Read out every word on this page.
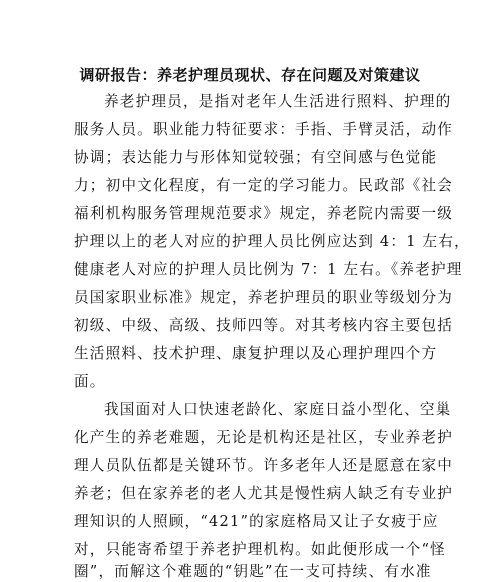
调研报告：养老护理员现状、存在问题及对策建议
养老护理员，是指对老年人生活进行照料、护理的
服务人员。职业能力特征要求：手指、手臂灵活，动作
协调；表达能力与形体知觉较强；有空间感与色觉能
力；初中文化程度，有一定的学习能力。民政部《社会
福利机构服务管理规范要求》规定，养老院内需要一级
护理以上的老人对应的护理人员比例应达到 4：1 左右，
健康老人对应的护理人员比例为 7：1 左右。《养老护理
员国家职业标准》规定，养老护理员的职业等级划分为
初级、中级、高级、技师四等。对其考核内容主要包括
生活照料、技术护理、康复护理以及心理护理四个方
面。
我国面对人口快速老龄化、家庭日益小型化、空巢
化产生的养老难题，无论是机构还是社区，专业养老护
理人员队伍都是关键环节。许多老年人还是愿意在家中
养老；但在家养老的老人尤其是慢性病人缺乏有专业护
理知识的人照顾，“421”的家庭格局又让子女疲于应
对，只能寄希望于养老护理机构。如此便形成一个“怪
圈”，而解这个难题的“钥匙”在一支可持续、有水准
